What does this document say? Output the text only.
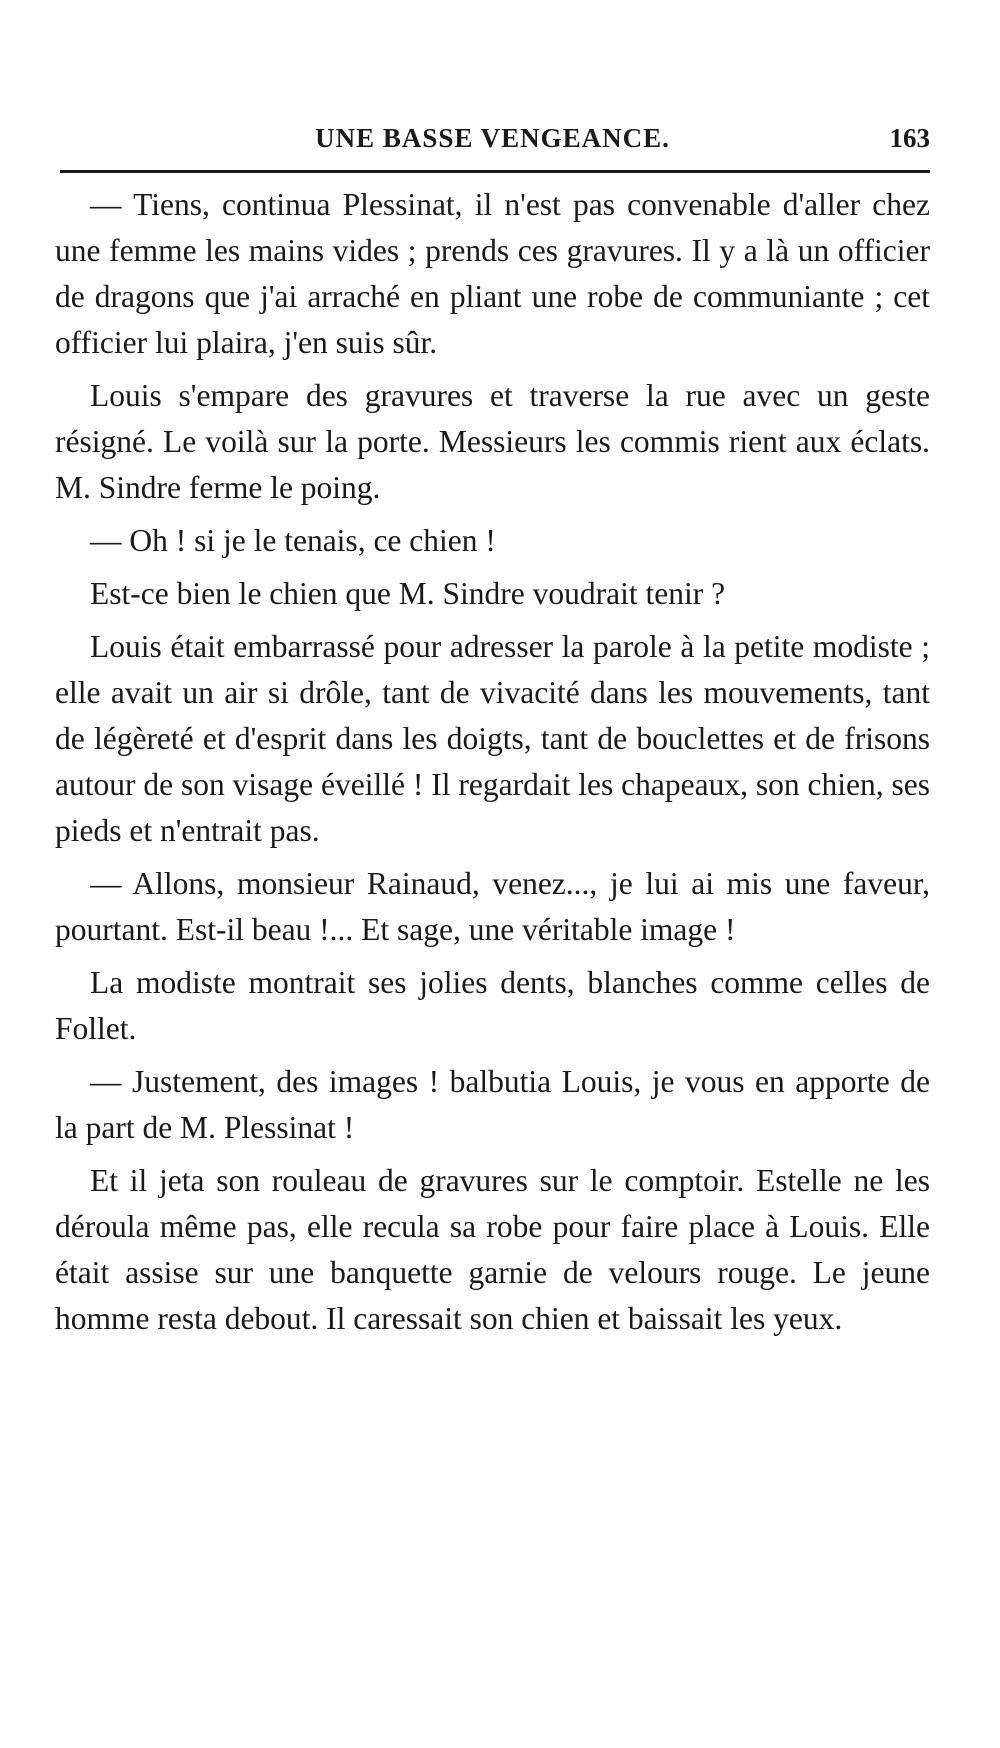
UNE BASSE VENGEANCE.	163

— Tiens, continua Plessinat, il n'est pas convenable d'aller chez une femme les mains vides ; prends ces gravures. Il y a là un officier de dragons que j'ai arraché en pliant une robe de communiante ; cet officier lui plaira, j'en suis sûr.

Louis s'empare des gravures et traverse la rue avec un geste résigné. Le voilà sur la porte. Messieurs les commis rient aux éclats. M. Sindre ferme le poing.

— Oh ! si je le tenais, ce chien !

Est-ce bien le chien que M. Sindre voudrait tenir ?

Louis était embarrassé pour adresser la parole à la petite modiste ; elle avait un air si drôle, tant de vivacité dans les mouvements, tant de légèreté et d'esprit dans les doigts, tant de bouclettes et de frisons autour de son visage éveillé ! Il regardait les chapeaux, son chien, ses pieds et n'entrait pas.

— Allons, monsieur Rainaud, venez..., je lui ai mis une faveur, pourtant. Est-il beau !... Et sage, une véritable image !

La modiste montrait ses jolies dents, blanches comme celles de Follet.

— Justement, des images ! balbutia Louis, je vous en apporte de la part de M. Plessinat !

Et il jeta son rouleau de gravures sur le comptoir. Estelle ne les déroula même pas, elle recula sa robe pour faire place à Louis. Elle était assise sur une banquette garnie de velours rouge. Le jeune homme resta debout. Il caressait son chien et baissait les yeux.
